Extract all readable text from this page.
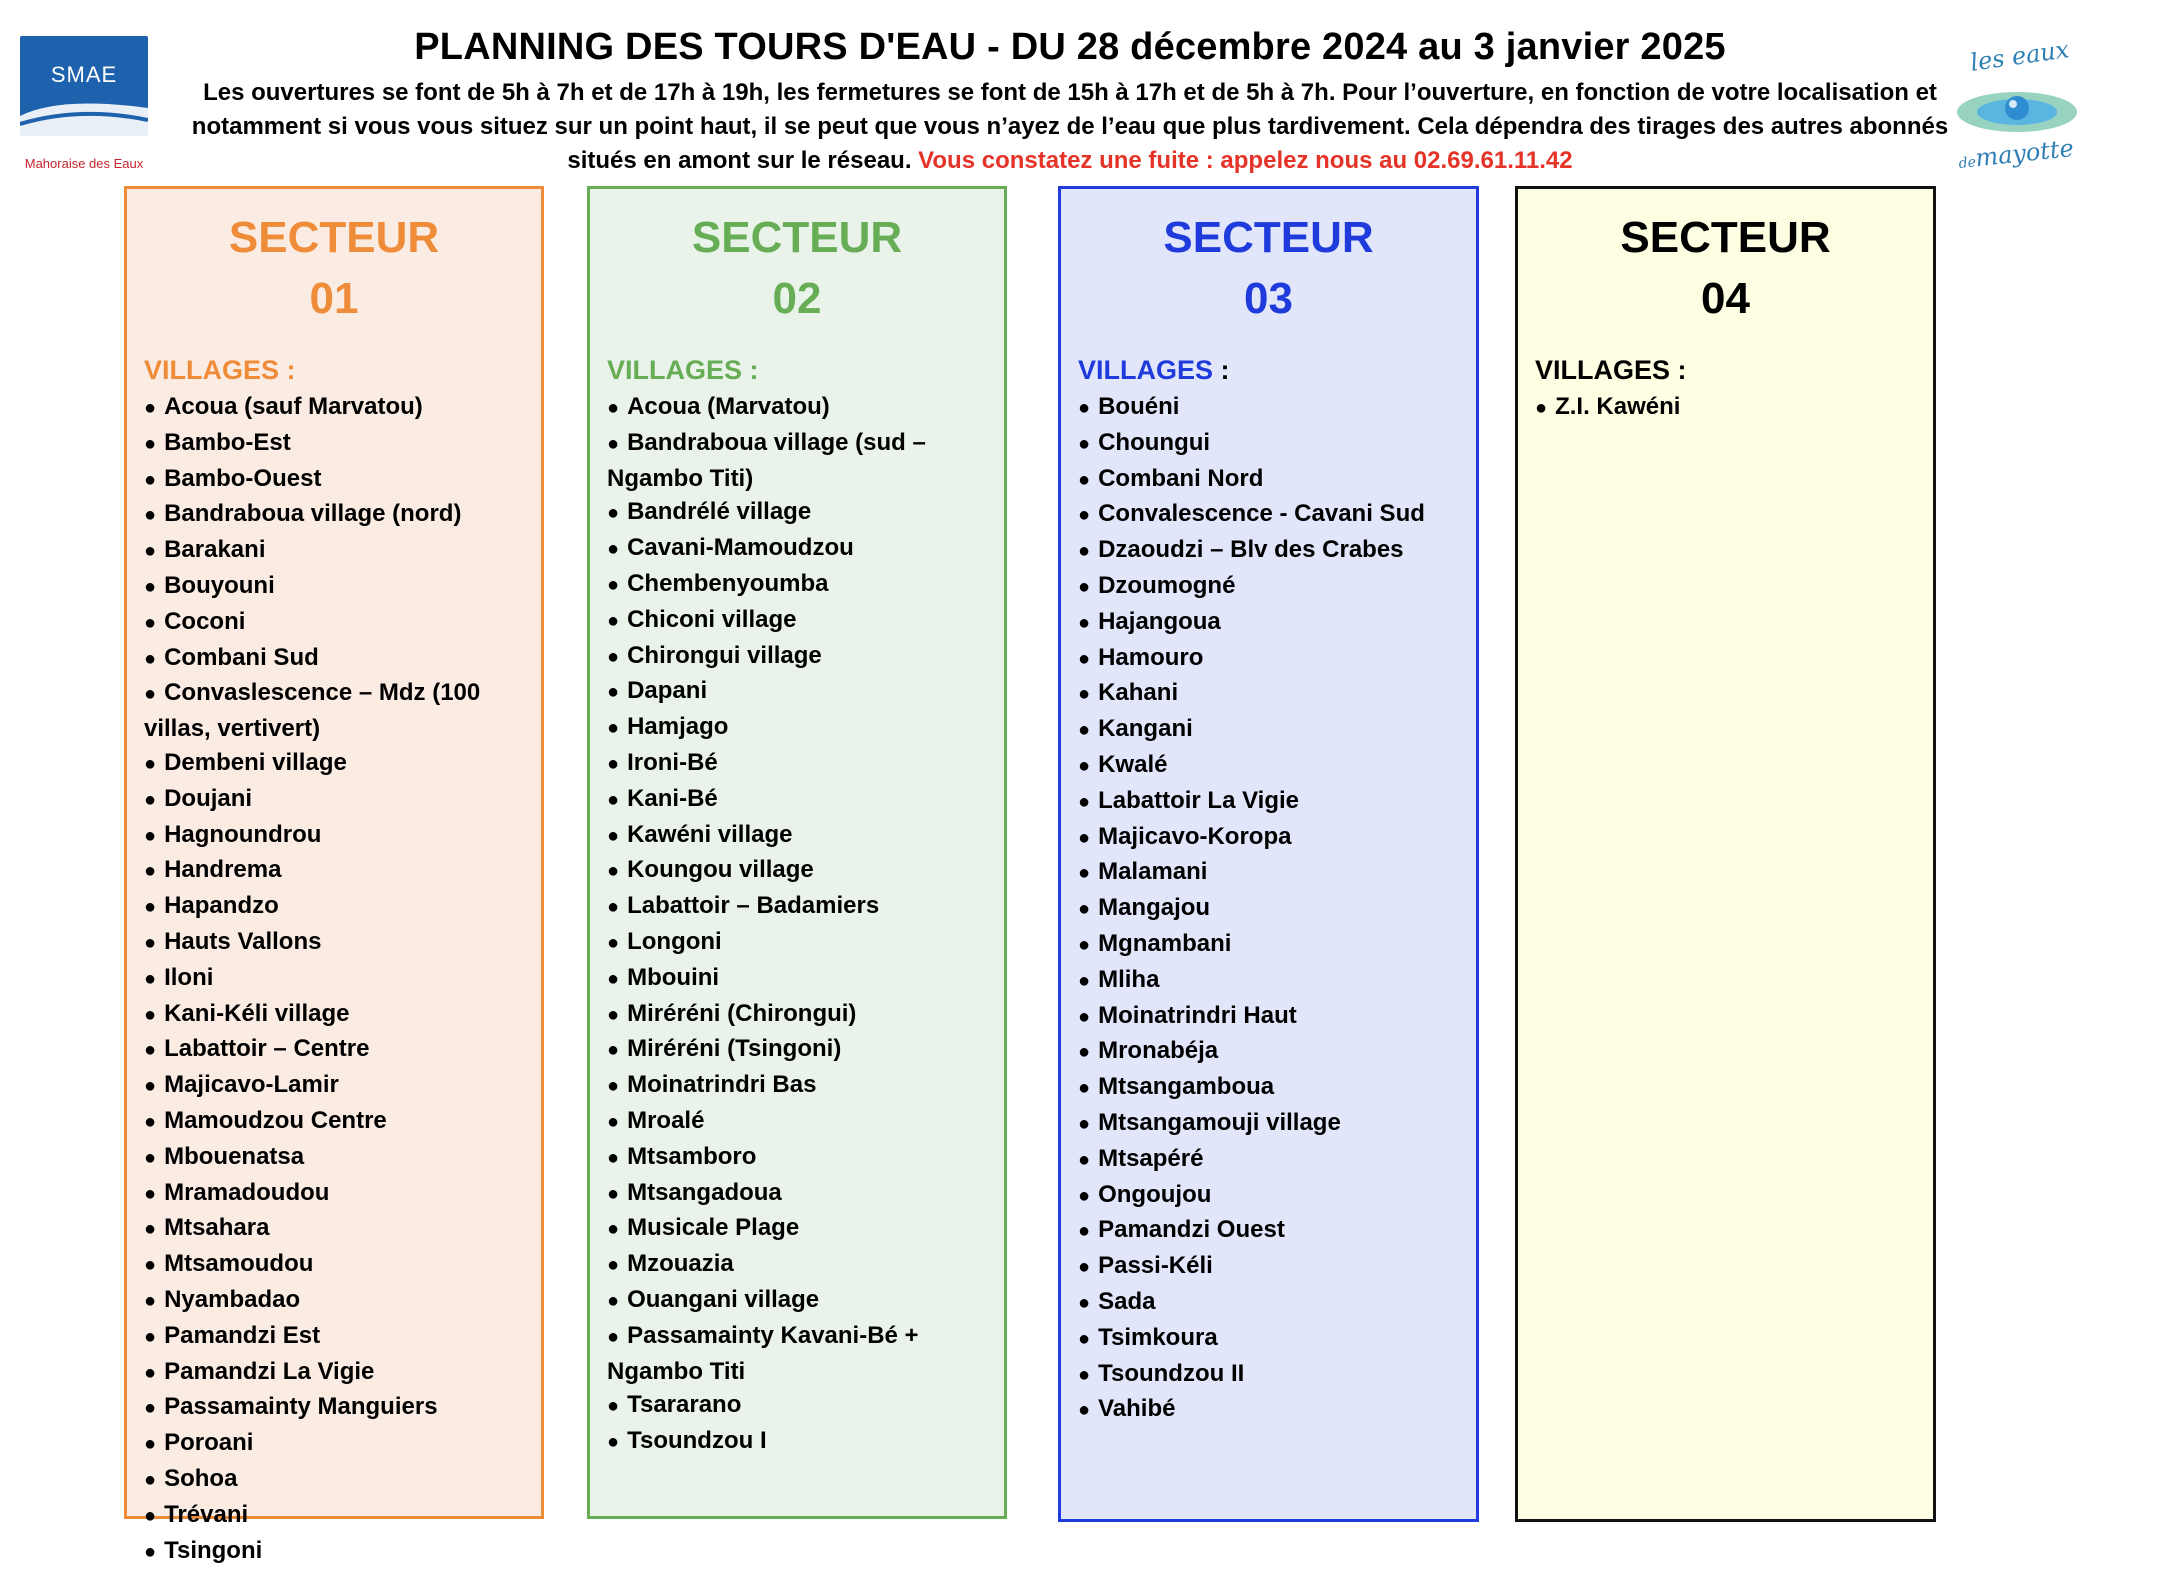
SMAE
Mahoraise des Eaux
les eaux
demayotte
PLANNING DES TOURS D'EAU - DU 28 décembre 2024 au 3 janvier 2025
Les ouvertures se font de 5h à 7h et de 17h à 19h, les fermetures se font de 15h à 17h et de 5h à 7h. Pour l’ouverture, en fonction de votre localisation et notamment si vous vous situez sur un point haut, il se peut que vous n’ayez de l’eau que plus tardivement. Cela dépendra des tirages des autres abonnés situés en amont sur le réseau. Vous constatez une fuite : appelez nous au 02.69.61.11.42
SECTEUR
01
VILLAGES :
● Acoua (sauf Marvatou)
● Bambo-Est
● Bambo-Ouest
● Bandraboua village (nord)
● Barakani
● Bouyouni
● Coconi
● Combani Sud
● Convaslescence – Mdz (100 villas, vertivert)
● Dembeni village
● Doujani
● Hagnoundrou
● Handrema
● Hapandzo
● Hauts Vallons
● Iloni
● Kani-Kéli village
● Labattoir – Centre
● Majicavo-Lamir
● Mamoudzou Centre
● Mbouenatsa
● Mramadoudou
● Mtsahara
● Mtsamoudou
● Nyambadao
● Pamandzi Est
● Pamandzi La Vigie
● Passamainty Manguiers
● Poroani
● Sohoa
● Trévani
● Tsingoni
SECTEUR
02
VILLAGES :
● Acoua (Marvatou)
● Bandraboua village (sud – Ngambo Titi)
● Bandrélé village
● Cavani-Mamoudzou
● Chembenyoumba
● Chiconi village
● Chirongui village
● Dapani
● Hamjago
● Ironi-Bé
● Kani-Bé
● Kawéni village
● Koungou village
● Labattoir – Badamiers
● Longoni
● Mbouini
● Miréréni (Chirongui)
● Miréréni (Tsingoni)
● Moinatrindri Bas
● Mroalé
● Mtsamboro
● Mtsangadoua
● Musicale Plage
● Mzouazia
● Ouangani village
● Passamainty Kavani-Bé + Ngambo Titi
● Tsararano
● Tsoundzou I
SECTEUR
03
VILLAGES :
● Bouéni
● Choungui
● Combani Nord
● Convalescence - Cavani Sud
● Dzaoudzi – Blv des Crabes
● Dzoumogné
● Hajangoua
● Hamouro
● Kahani
● Kangani
● Kwalé
● Labattoir La Vigie
● Majicavo-Koropa
● Malamani
● Mangajou
● Mgnambani
● Mliha
● Moinatrindri Haut
● Mronabéja
● Mtsangamboua
● Mtsangamouji village
● Mtsapéré
● Ongoujou
● Pamandzi Ouest
● Passi-Kéli
● Sada
● Tsimkoura
● Tsoundzou II
● Vahibé
SECTEUR
04
VILLAGES :
● Z.I. Kawéni
